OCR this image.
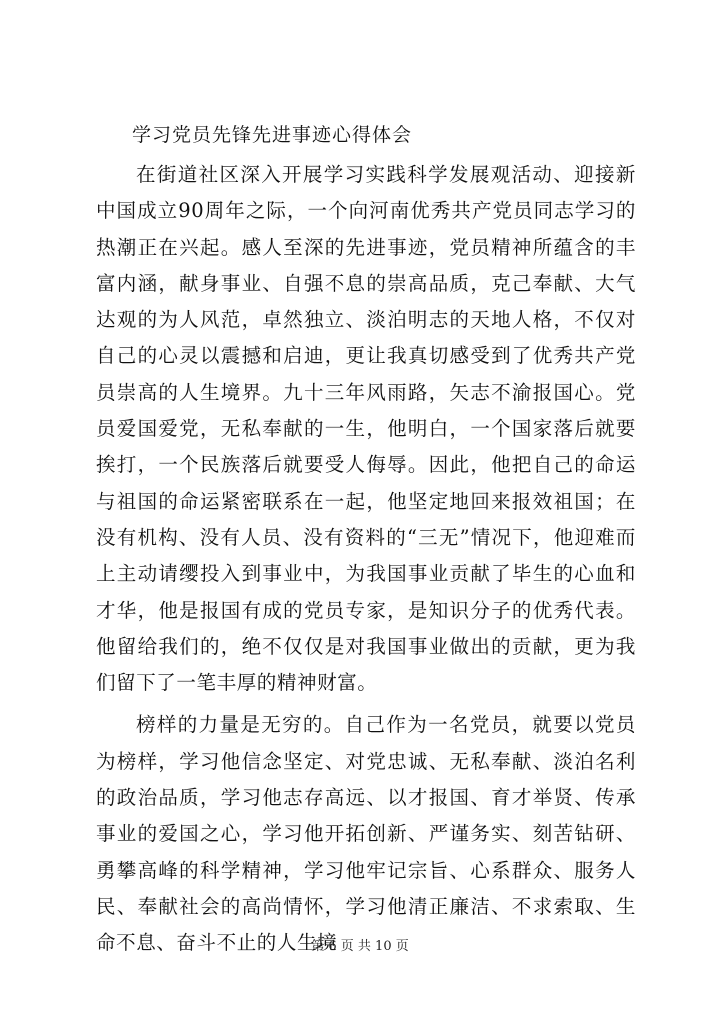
学习党员先锋先进事迹心得体会

在街道社区深入开展学习实践科学发展观活动、迎接新中国成立90周年之际，一个向河南优秀共产党员同志学习的热潮正在兴起。感人至深的先进事迹，党员精神所蕴含的丰富内涵，献身事业、自强不息的崇高品质，克己奉献、大气达观的为人风范，卓然独立、淡泊明志的天地人格，不仅对自己的心灵以震撼和启迪，更让我真切感受到了优秀共产党员崇高的人生境界。九十三年风雨路，矢志不渝报国心。党员爱国爱党，无私奉献的一生，他明白，一个国家落后就要挨打，一个民族落后就要受人侮辱。因此，他把自己的命运与祖国的命运紧密联系在一起，他坚定地回来报效祖国；在没有机构、没有人员、没有资料的“三无”情况下，他迎难而上主动请缨投入到事业中，为我国事业贡献了毕生的心血和才华，他是报国有成的党员专家，是知识分子的优秀代表。他留给我们的，绝不仅仅是对我国事业做出的贡献，更为我们留下了一笔丰厚的精神财富。

榜样的力量是无穷的。自己作为一名党员，就要以党员为榜样，学习他信念坚定、对党忠诚、无私奉献、淡泊名利的政治品质，学习他志存高远、以才报国、育才举贤、传承事业的爱国之心，学习他开拓创新、严谨务实、刻苦钻研、勇攀高峰的科学精神，学习他牢记宗旨、心系群众、服务人民、奉献社会的高尚情怀，学习他清正廉洁、不求索取、生命不息、奋斗不止的人生境

第 6 页 共 10 页
